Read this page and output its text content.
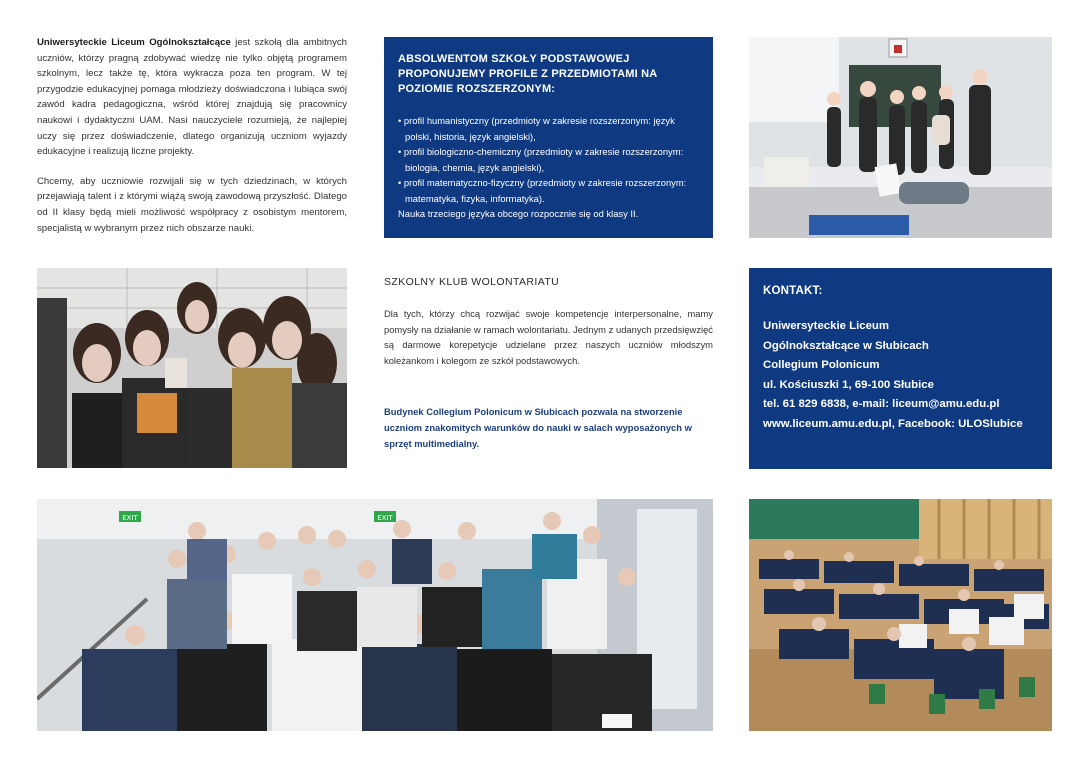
Uniwersyteckie Liceum Ogólnokształcące jest szkołą dla ambitnych uczniów, którzy pragną zdobywać wiedzę nie tylko objętą programem szkolnym, lecz także tę, która wykracza poza ten program. W tej przygodzie edukacyjnej pomaga młodzieży doświadczona i lubiąca swój zawód kadra pedagogiczna, wśród której znajdują się pracownicy naukowi i dydaktyczni UAM. Nasi nauczyciele rozumieją, że najlepiej uczy się przez doświadczenie, dlatego organizują uczniom wyjazdy edukacyjne i realizują liczne projekty.

Chcemy, aby uczniowie rozwijali się w tych dziedzinach, w których przejawiają talent i z którymi wiążą swoją zawodową przyszłość. Dlatego od II klasy będą mieli możliwość współpracy z osobistym mentorem, specjalistą w wybranym przez nich obszarze nauki.

ABSOLWENTOM SZKOŁY PODSTAWOWEJ PROPONUJEMY PROFILE Z PRZEDMIOTAMI NA POZIOMIE ROZSZERZONYM:
• profil humanistyczny (przedmioty w zakresie rozszerzonym: język polski, historia, język angielski),
• profil biologiczno-chemiczny (przedmioty w zakresie rozszerzonym: biologia, chemia, język angielski),
• profil matematyczno-fizyczny (przedmioty w zakresie rozszerzonym: matematyka, fizyka, informatyka).
Nauka trzeciego języka obcego rozpocznie się od klasy II.
SZKOLNY KLUB WOLONTARIATU
Dla tych, którzy chcą rozwijać swoje kompetencje interpersonalne, mamy pomysły na działanie w ramach wolontariatu. Jednym z udanych przedsięwzięć są darmowe korepetycje udzielane przez naszych uczniów młodszym koleżankom i kolegom ze szkół podstawowych.
Budynek Collegium Polonicum w Słubicach pozwala na stworzenie uczniom znakomitych warunków do nauki w salach wyposażonych w sprzęt multimedialny.
KONTAKT:
Uniwersyteckie Liceum
Ogólnokształcące w Słubicach
Collegium Polonicum
ul. Kościuszki 1, 69-100 Słubice
tel. 61 829 6838, e-mail: liceum@amu.edu.pl
www.liceum.amu.edu.pl, Facebook: ULOSlubice
EXIT	EXIT
